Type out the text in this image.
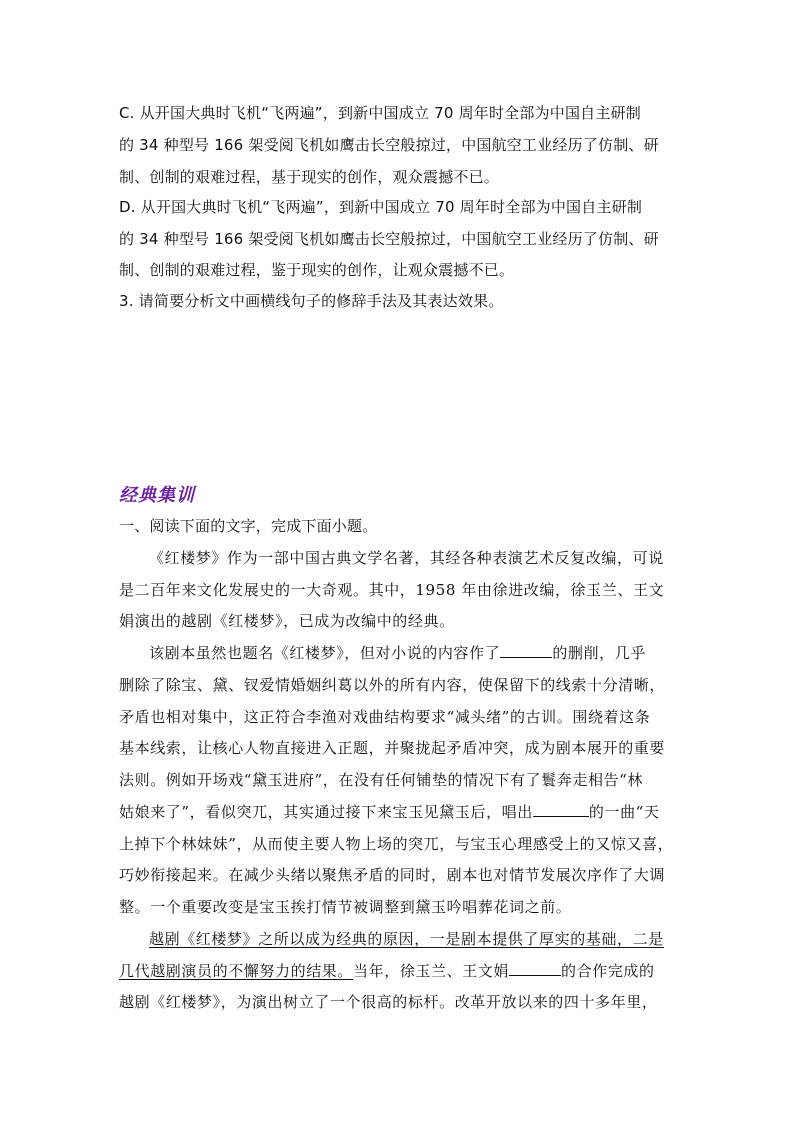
C. 从开国大典时飞机“飞两遍”，到新中国成立 70 周年时全部为中国自主研制
的 34 种型号 166 架受阅飞机如鹰击长空般掠过，中国航空工业经历了仿制、研
制、创制的艰难过程，基于现实的创作，观众震撼不已。
D. 从开国大典时飞机“飞两遍”，到新中国成立 70 周年时全部为中国自主研制
的 34 种型号 166 架受阅飞机如鹰击长空般掠过，中国航空工业经历了仿制、研
制、创制的艰难过程，鉴于现实的创作，让观众震撼不已。
3. 请简要分析文中画横线句子的修辞手法及其表达效果。
经典集训
一、阅读下面的文字，完成下面小题。
《红楼梦》作为一部中国古典文学名著，其经各种表演艺术反复改编，可说
是二百年来文化发展史的一大奇观。其中，1958 年由徐进改编，徐玉兰、王文
娟演出的越剧《红楼梦》，已成为改编中的经典。
该剧本虽然也题名《红楼梦》，但对小说的内容作了	的删削，几乎
删除了除宝、黛、钗爱情婚姻纠葛以外的所有内容，使保留下的线索十分清晰，
矛盾也相对集中，这正符合李渔对戏曲结构要求“减头绪”的古训。围绕着这条
基本线索，让核心人物直接进入正题，并聚拢起矛盾冲突，成为剧本展开的重要
法则。例如开场戏“黛玉进府”，在没有任何铺垫的情况下有了鬟奔走相告“林
姑娘来了”，看似突兀，其实通过接下来宝玉见黛玉后，唱出	的一曲“天
上掉下个林妹妹”，从而使主要人物上场的突兀，与宝玉心理感受上的又惊又喜，
巧妙衔接起来。在减少头绪以聚焦矛盾的同时，剧本也对情节发展次序作了大调
整。一个重要改变是宝玉挨打情节被调整到黛玉吟唱葬花词之前。
越剧《红楼梦》之所以成为经典的原因，一是剧本提供了厚实的基础，二是
几代越剧演员的不懈努力的结果。当年，徐玉兰、王文娟	的合作完成的
越剧《红楼梦》，为演出树立了一个很高的标杆。改革开放以来的四十多年里，
